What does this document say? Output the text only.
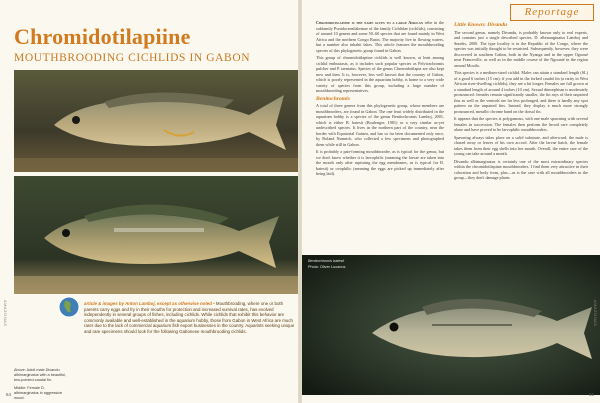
Chromidotilapiine
MOUTHBROODING CICHLIDS IN GABON
Above: Adult male Divandu albimarginatus with a beautiful, two-pointed caudal fin.
Middle: Female D. albimarginatus in aggressive mood.
article & images by Anton Lamboj, except as otherwise noted • Mouthbrooding, where one or both parents carry eggs and fry in their mouths for protection and increased survival rates, has evolved independently in several groups of fishes, including cichlids. While cichlids that exhibit this behavior are commonly available and well-established in the aquarium hobby, those from Gabon in West Africa are much rarer due to the lack of commercial aquarium fish export businesses in the country. Aquarists seeking unique and rare specimens should look for the following Gabonese mouthbrooding cichlids.
64
AMAZONAS
Reportage

Chromidotilapiine is the name given to a large African tribe in the subfamily Pseudocrenilabrinae of the family Cichlidae (cichlids), consisting of around 10 genera and some 50–60 species that are found mainly in West Africa and the northern Congo Basin. The majority live in flowing waters, but a number also inhabit lakes. This article features the mouthbrooding species of this phylogenetic group found in Gabon.

This group of chromidotilapiine cichlids is well known, at least among cichlid enthusiasts, as it includes such popular species as Pelvicachromis pulcher and P. taeniatus. Species of the genus Chromidotilapia are also kept now and then. It is, however, less well known that the country of Gabon, which is poorly represented in the aquarium hobby, is home to a very wide variety of species from this group, including a large number of mouthbrooding representatives.

Benitochromis

A total of three genera from this phylogenetic group, whose members are mouthbrooders, are found in Gabon. The one least widely distributed in the aquarium hobby is a species of the genus Benitochromis Lamboj, 2001, which is either B. batesii (Boulenger, 1901) or a very similar as-yet undescribed species. It lives in the northern part of the country, near the border with Equatorial Guinea, and has so far been documented only once, by Roland Numrich, who collected a few specimens and photographed them while still in Gabon.

It is probably a pair-forming mouthbrooder, as is typical for the genus, but we don't know whether it is larvophilic (meaning the larvae are taken into the mouth only after rupturing the egg membranes, as is typical for B. batesii) or ovophilic (meaning the eggs are picked up immediately after being laid).

Little Known: Divandu

The second genus, namely Divandu, is probably known only to real experts, and contains just a single described species, D. albimarginatus Lamboj and Snoeks, 2000. The type locality is in the Republic of the Congo, where the species was initially thought to be restricted. Subsequently, however, they were discovered in southern Gabon, both in the Nyanga and in the upper Ogooué near Franceville, as well as in the middle course of the Ngounié in the region around Mouila.

This species is a medium-sized cichlid. Males can attain a standard length (SL) of a good 6 inches (15 cm); if you add in the forked caudal fin (a rarity in West African river-dwelling cichlids), they are a bit longer. Females are full grown at a standard length of around 4 inches (10 cm). Sexual dimorphism is moderately pronounced: females remain significantly smaller, the fin rays of their unpaired fins as well as the ventrals are far less prolonged, and there is hardly any spot pattern on the unpaired fins. Instead, they display a much more strongly pronounced, metallic chrome band on the dorsal fin.

It appears that the species is polygamous, with one male spawning with several females in succession. The females then perform the brood care completely alone and have proved to be larvophilic mouthbrooders.

Spawning always takes place on a solid substrate, and afterward, the male is chased away or leaves of his own accord. After the larvae hatch, the female takes them from their egg shells into her mouth. Overall, the entire care of the young can take around a month.

Divandu albimarginatus is certainly one of the most extraordinary species within the chromidotilapiine mouthbrooders. I find them very attractive in their coloration and body form, plus—as is the case with all mouthbrooders in the group—they don't damage plants.

Benitochromis batesii
Photo: Oliver Lucanus
65
AMAZONAS
